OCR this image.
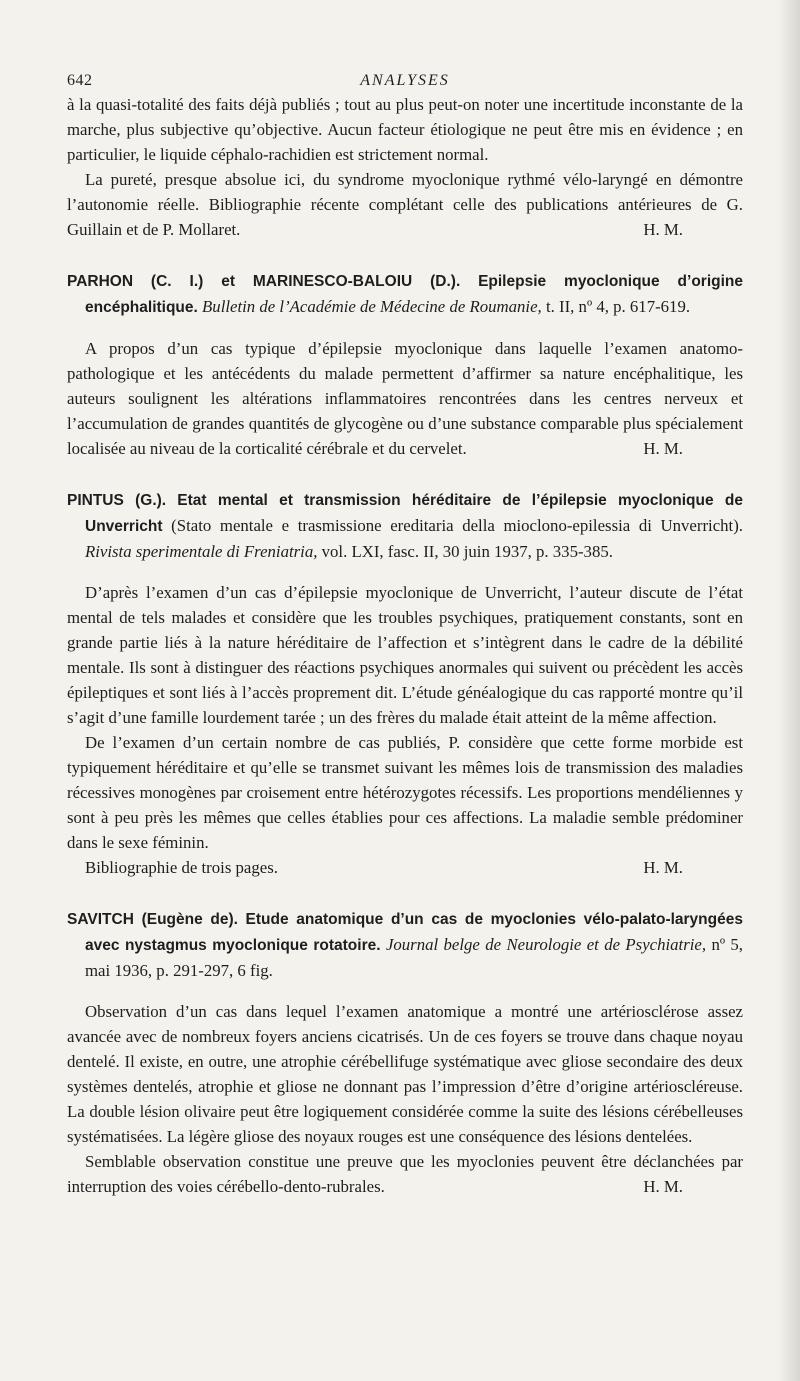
642	ANALYSES

à la quasi-totalité des faits déjà publiés ; tout au plus peut-on noter une incertitude inconstante de la marche, plus subjective qu’objective. Aucun facteur étiologique ne peut être mis en évidence ; en particulier, le liquide céphalo-rachidien est strictement normal.

La pureté, presque absolue ici, du syndrome myoclonique rythmé vélo-laryngé en démontre l’autonomie réelle. Bibliographie récente complétant celle des publications antérieures de G. Guillain et de P. Mollaret.	H. M.

PARHON (C. I.) et MARINESCO-BALOIU (D.). Epilepsie myoclonique d’origine encéphalitique. Bulletin de l’Académie de Médecine de Roumanie, t. II, nº 4, p. 617-619.

A propos d’un cas typique d’épilepsie myoclonique dans laquelle l’examen anatomo-pathologique et les antécédents du malade permettent d’affirmer sa nature encéphalitique, les auteurs soulignent les altérations inflammatoires rencontrées dans les centres nerveux et l’accumulation de grandes quantités de glycogène ou d’une substance comparable plus spécialement localisée au niveau de la corticalité cérébrale et du cervelet.	H. M.

PINTUS (G.). Etat mental et transmission héréditaire de l’épilepsie myoclonique de Unverricht (Stato mentale e trasmissione ereditaria della mioclono-epilessia di Unverricht). Rivista sperimentale di Freniatria, vol. LXI, fasc. II, 30 juin 1937, p. 335-385.

D’après l’examen d’un cas d’épilepsie myoclonique de Unverricht, l’auteur discute de l’état mental de tels malades et considère que les troubles psychiques, pratiquement constants, sont en grande partie liés à la nature héréditaire de l’affection et s’intègrent dans le cadre de la débilité mentale. Ils sont à distinguer des réactions psychiques anormales qui suivent ou précèdent les accès épileptiques et sont liés à l’accès proprement dit. L’étude généalogique du cas rapporté montre qu’il s’agit d’une famille lourdement tarée ; un des frères du malade était atteint de la même affection.

De l’examen d’un certain nombre de cas publiés, P. considère que cette forme morbide est typiquement héréditaire et qu’elle se transmet suivant les mêmes lois de transmission des maladies récessives monogènes par croisement entre hétérozygotes récessifs. Les proportions mendéliennes y sont à peu près les mêmes que celles établies pour ces affections. La maladie semble prédominer dans le sexe féminin.

Bibliographie de trois pages.	H. M.

SAVITCH (Eugène de). Etude anatomique d’un cas de myoclonies vélo-palato-laryngées avec nystagmus myoclonique rotatoire. Journal belge de Neurologie et de Psychiatrie, nº 5, mai 1936, p. 291-297, 6 fig.

Observation d’un cas dans lequel l’examen anatomique a montré une artériosclérose assez avancée avec de nombreux foyers anciens cicatrisés. Un de ces foyers se trouve dans chaque noyau dentelé. Il existe, en outre, une atrophie cérébellifuge systématique avec gliose secondaire des deux systèmes dentelés, atrophie et gliose ne donnant pas l’impression d’être d’origine artérioscléreuse. La double lésion olivaire peut être logiquement considérée comme la suite des lésions cérébelleuses systématisées. La légère gliose des noyaux rouges est une conséquence des lésions dentelées.

Semblable observation constitue une preuve que les myoclonies peuvent être déclanchées par interruption des voies cérébello-dento-rubrales.	H. M.
